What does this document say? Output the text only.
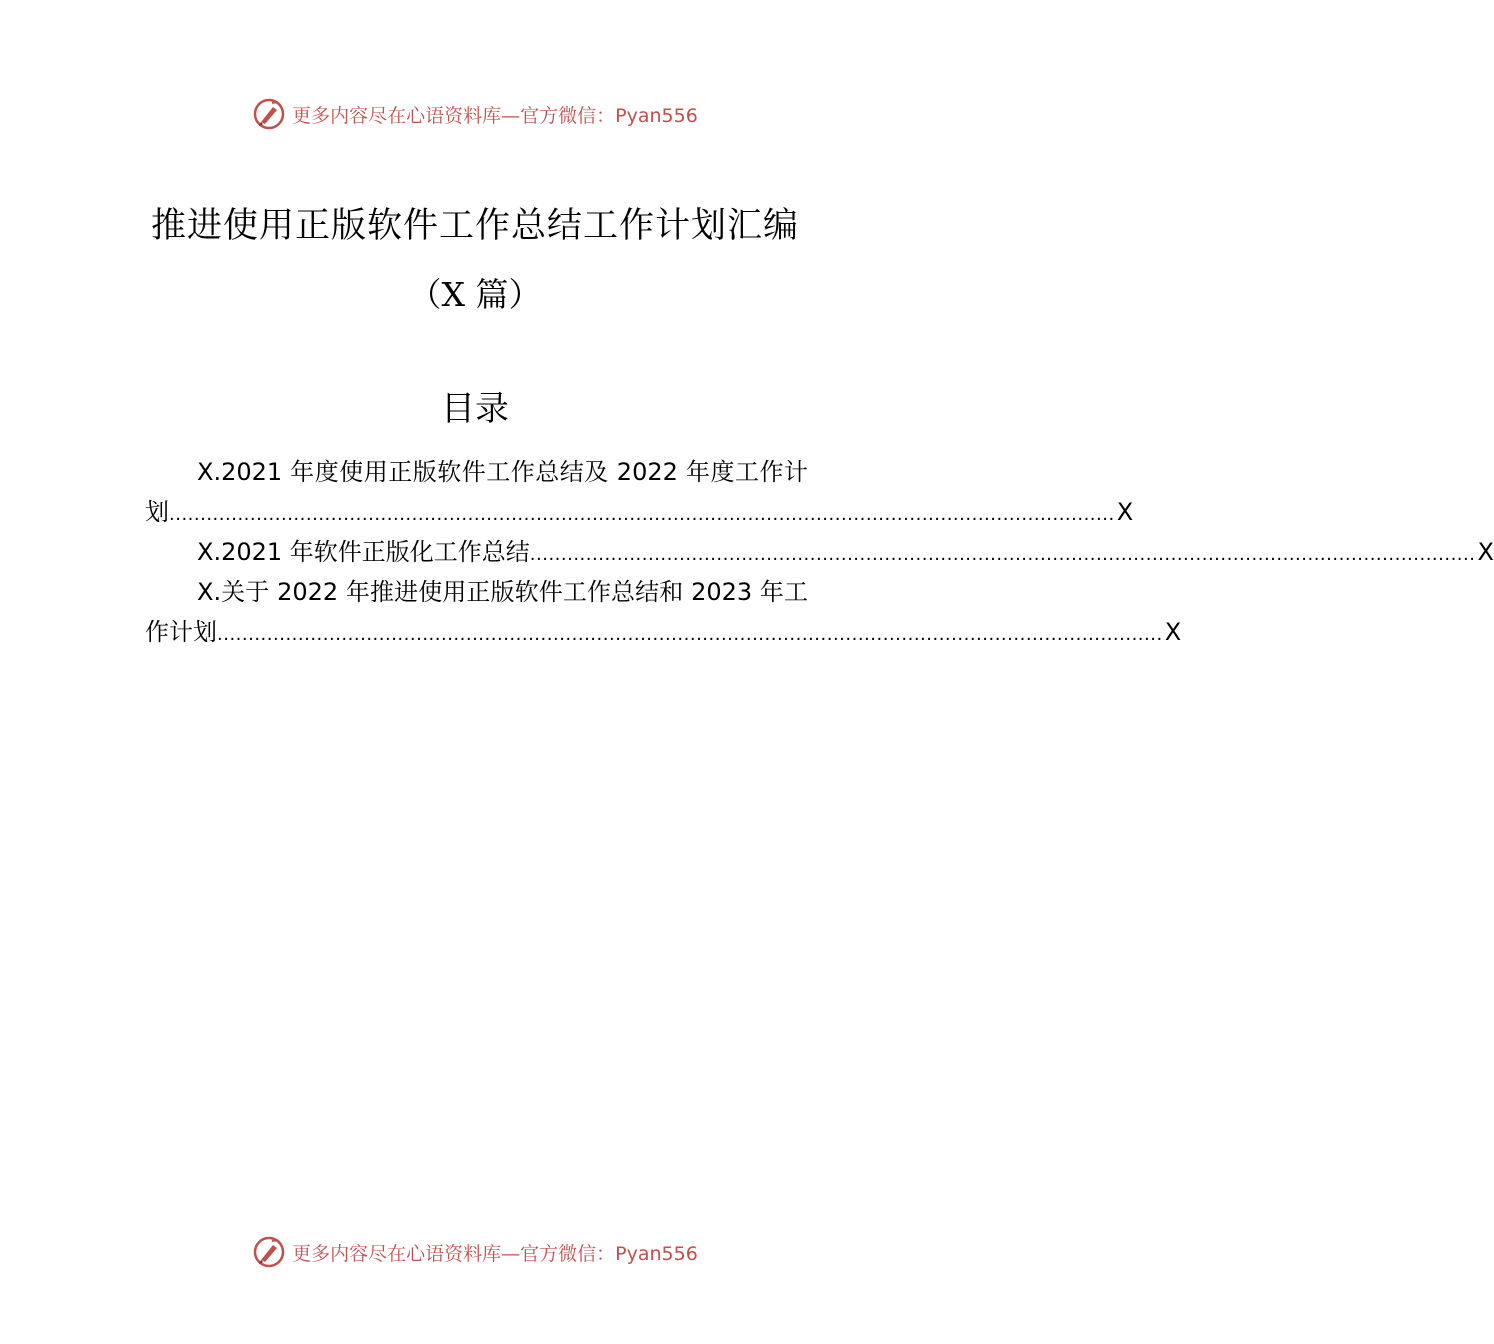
更多内容尽在心语资料库—官方微信：Pyan556
推进使用正版软件工作总结工作计划汇编
（X 篇）
目录
X.2021 年度使用正版软件工作总结及 2022 年度工作计
划 ........................................................................................................................................................ X
X.2021 年软件正版化工作总结 ........................................................................................................................................................ X
X.关于 2022 年推进使用正版软件工作总结和 2023 年工
作计划 ........................................................................................................................................................ X
更多内容尽在心语资料库—官方微信：Pyan556
